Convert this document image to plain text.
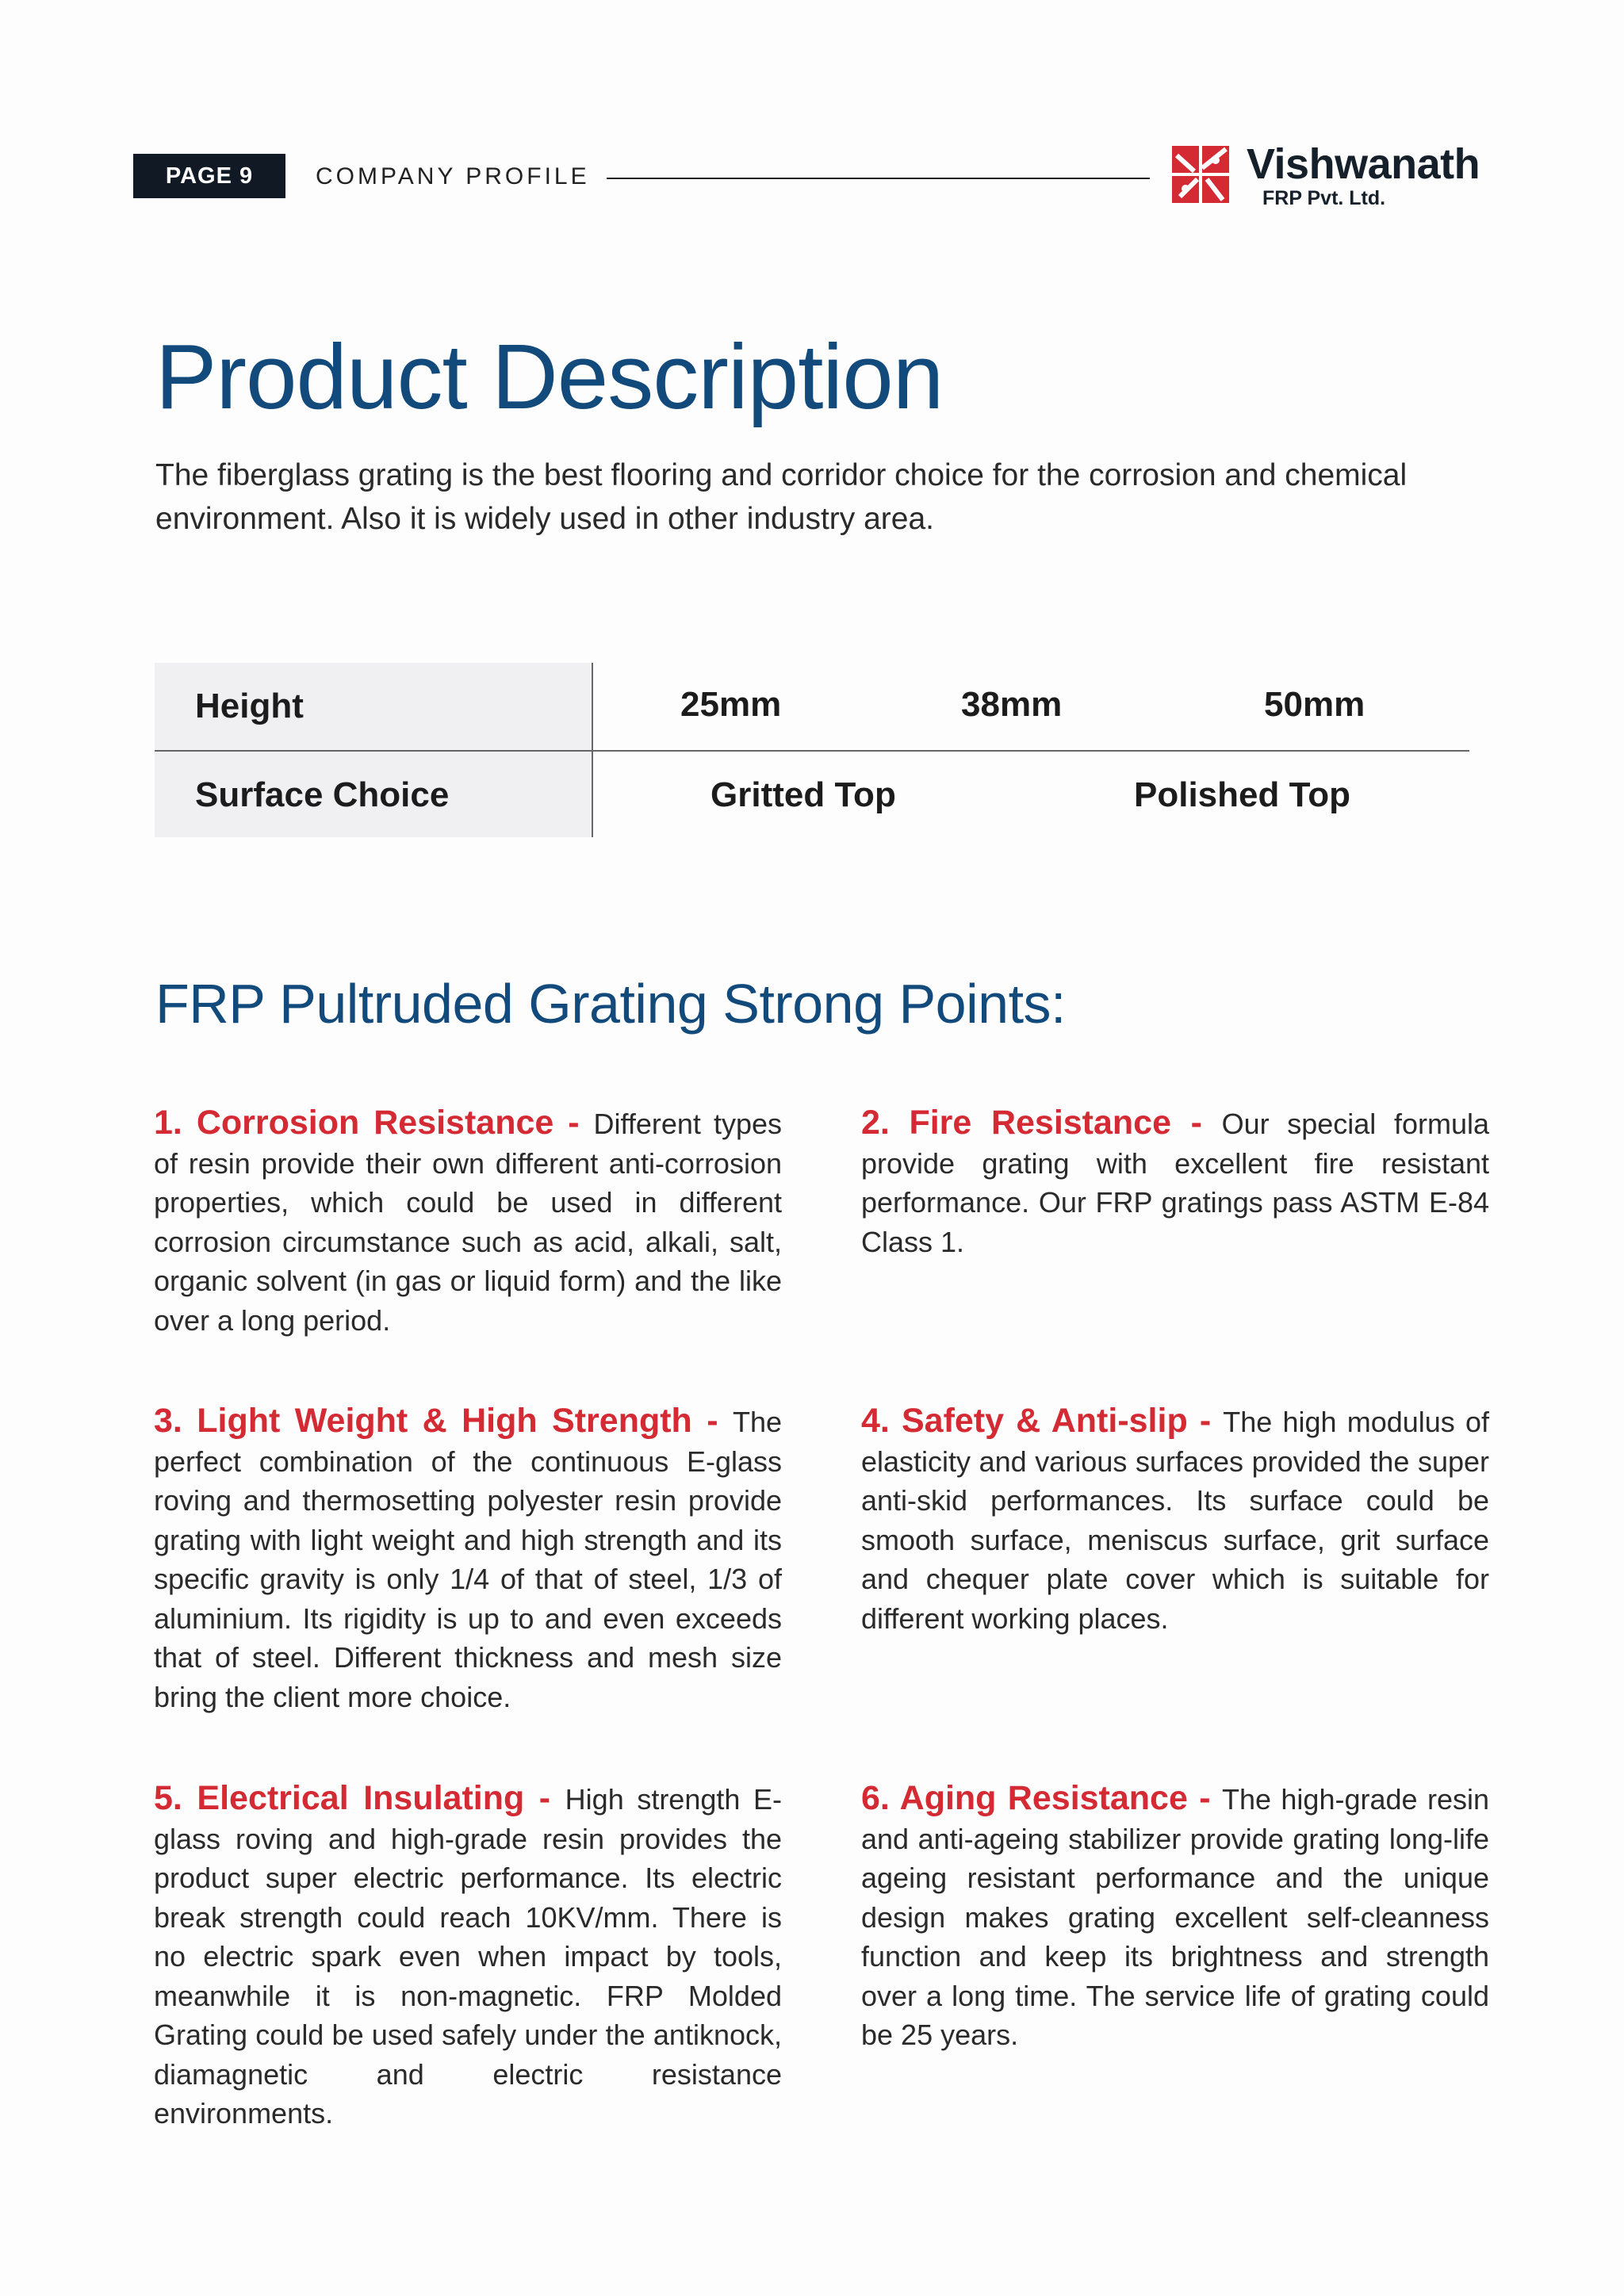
PAGE 9	COMPANY PROFILE	Vishwanath
FRP Pvt. Ltd.
Product Description

The fiberglass grating is the best flooring and corridor choice for the corrosion and chemical environment. Also it is widely used in other industry area.

Height	25mm	38mm	50mm
Surface Choice	Gritted Top	Polished Top
FRP Pultruded Grating Strong Points:
1. Corrosion Resistance - Different types of resin provide their own different anti-corrosion properties, which could be used in different corrosion circumstance such as acid, alkali, salt, organic solvent (in gas or liquid form) and the like over a long period.
2. Fire Resistance - Our special formula provide grating with excellent fire resistant performance. Our FRP gratings pass ASTM E-84 Class 1.
3. Light Weight & High Strength - The perfect combination of the continuous E-glass roving and thermosetting polyester resin provide grating with light weight and high strength and its specific gravity is only 1/4 of that of steel, 1/3 of aluminium. Its rigidity is up to and even exceeds that of steel. Different thickness and mesh size bring the client more choice.
4. Safety & Anti-slip - The high modulus of elasticity and various surfaces provided the super anti-skid performances. Its surface could be smooth surface, meniscus surface, grit surface and chequer plate cover which is suitable for different working places.
5. Electrical Insulating - High strength E-glass roving and high-grade resin provides the product super electric performance. Its electric break strength could reach 10KV/mm. There is no electric spark even when impact by tools, meanwhile it is non-magnetic. FRP Molded Grating could be used safely under the antiknock, diamagnetic and electric resistance environments.
6. Aging Resistance - The high-grade resin and anti-ageing stabilizer provide grating long-life ageing resistant performance and the unique design makes grating excellent self-cleanness function and keep its brightness and strength over a long time. The service life of grating could be 25 years.
